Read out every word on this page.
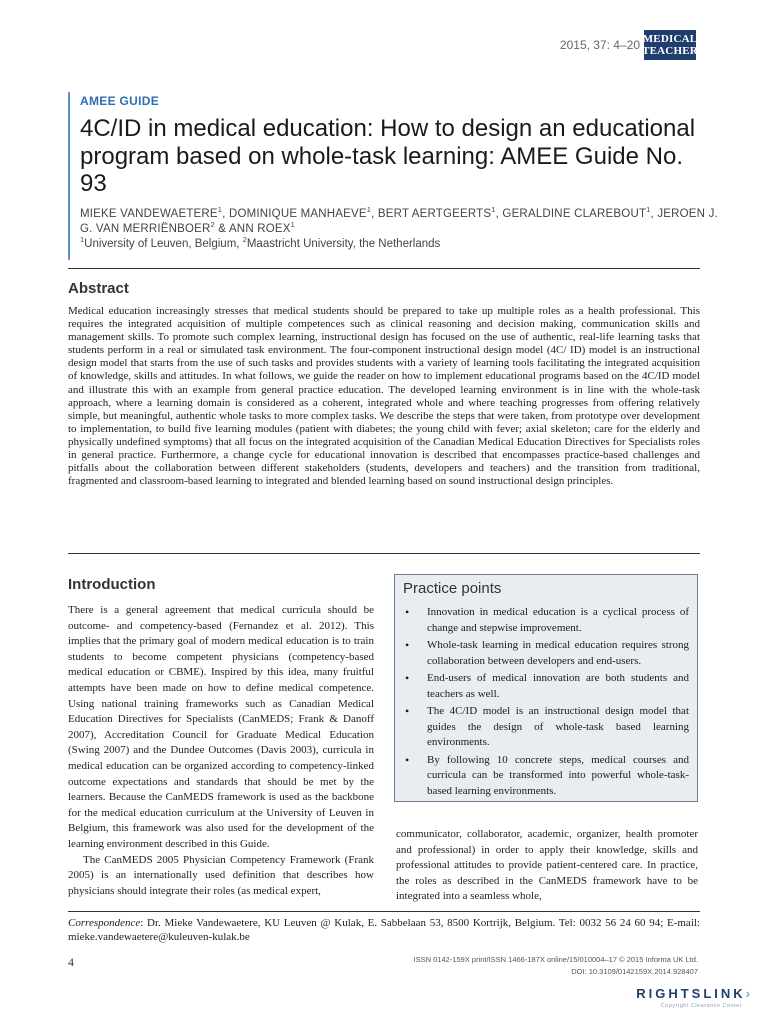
2015, 37: 4–20 MEDICAL
TEACHER
AMEE GUIDE
4C/ID in medical education: How to design an educational program based on whole-task learning: AMEE Guide No. 93
MIEKE VANDEWAETERE$^1$, DOMINIQUE MANHAEVE$^1$, BERT AERTGEERTS$^1$, GERALDINE CLAREBOUT$^1$, JEROEN J. G. VAN MERRIËNBOER$^2$ & ANN ROEX$^1$
$^1$University of Leuven, Belgium, $^2$Maastricht University, the Netherlands
Abstract
Medical education increasingly stresses that medical students should be prepared to take up multiple roles as a health professional. This requires the integrated acquisition of multiple competences such as clinical reasoning and decision making, communication skills and management skills. To promote such complex learning, instructional design has focused on the use of authentic, real-life learning tasks that students perform in a real or simulated task environment. The four-component instructional design model (4C/ ID) model is an instructional design model that starts from the use of such tasks and provides students with a variety of learning tools facilitating the integrated acquisition of knowledge, skills and attitudes. In what follows, we guide the reader on how to implement educational programs based on the 4C/ID model and illustrate this with an example from general practice education. The developed learning environment is in line with the whole-task approach, where a learning domain is considered as a coherent, integrated whole and where teaching progresses from offering relatively simple, but meaningful, authentic whole tasks to more complex tasks. We describe the steps that were taken, from prototype over development to implementation, to build five learning modules (patient with diabetes; the young child with fever; axial skeleton; care for the elderly and physically undefined symptoms) that all focus on the integrated acquisition of the Canadian Medical Education Directives for Specialists roles in general practice. Furthermore, a change cycle for educational innovation is described that encompasses practice-based challenges and pitfalls about the collaboration between different stakeholders (students, developers and teachers) and the transition from traditional, fragmented and classroom-based learning to integrated and blended learning based on sound instructional design principles.
Introduction

There is a general agreement that medical curricula should be outcome- and competency-based (Fernandez et al. 2012). This implies that the primary goal of modern medical education is to train students to become competent physicians (competency-based medical education or CBME). Inspired by this idea, many fruitful attempts have been made on how to define medical competence. Using national training frameworks such as Canadian Medical Education Directives for Specialists (CanMEDS; Frank & Danoff 2007), Accreditation Council for Graduate Medical Education (Swing 2007) and the Dundee Outcomes (Davis 2003), curricula in medical education can be organized according to competency-linked outcome expectations and standards that should be met by the learners. Because the CanMEDS framework is used as the backbone for the medical education curriculum at the University of Leuven in Belgium, this framework was also used for the development of the learning environment described in this Guide.

The CanMEDS 2005 Physician Competency Framework (Frank 2005) is an internationally used definition that describes how physicians should integrate their roles (as medical expert,

Practice points
• Innovation in medical education is a cyclical process of change and stepwise improvement.
• Whole-task learning in medical education requires strong collaboration between developers and end-users.
• End-users of medical innovation are both students and teachers as well.
• The 4C/ID model is an instructional design model that guides the design of whole-task based learning environments.
• By following 10 concrete steps, medical courses and curricula can be transformed into powerful whole-task-based learning environments.
communicator, collaborator, academic, organizer, health promoter and professional) in order to apply their knowledge, skills and professional attitudes to provide patient-centered care. In practice, the roles as described in the CanMEDS framework have to be integrated into a seamless whole,
Correspondence: Dr. Mieke Vandewaetere, KU Leuven @ Kulak, E. Sabbelaan 53, 8500 Kortrijk, Belgium. Tel: 0032 56 24 60 94; E-mail: mieke.vandewaetere@kuleuven-kulak.be
4	ISSN 0142-159X print/ISSN 1466-187X online/15/010004–17 © 2015 Informa UK Ltd.
DOI: 10.3109/0142159X.2014.928407
RIGHTSLINK›
Copyright Clearance Center
